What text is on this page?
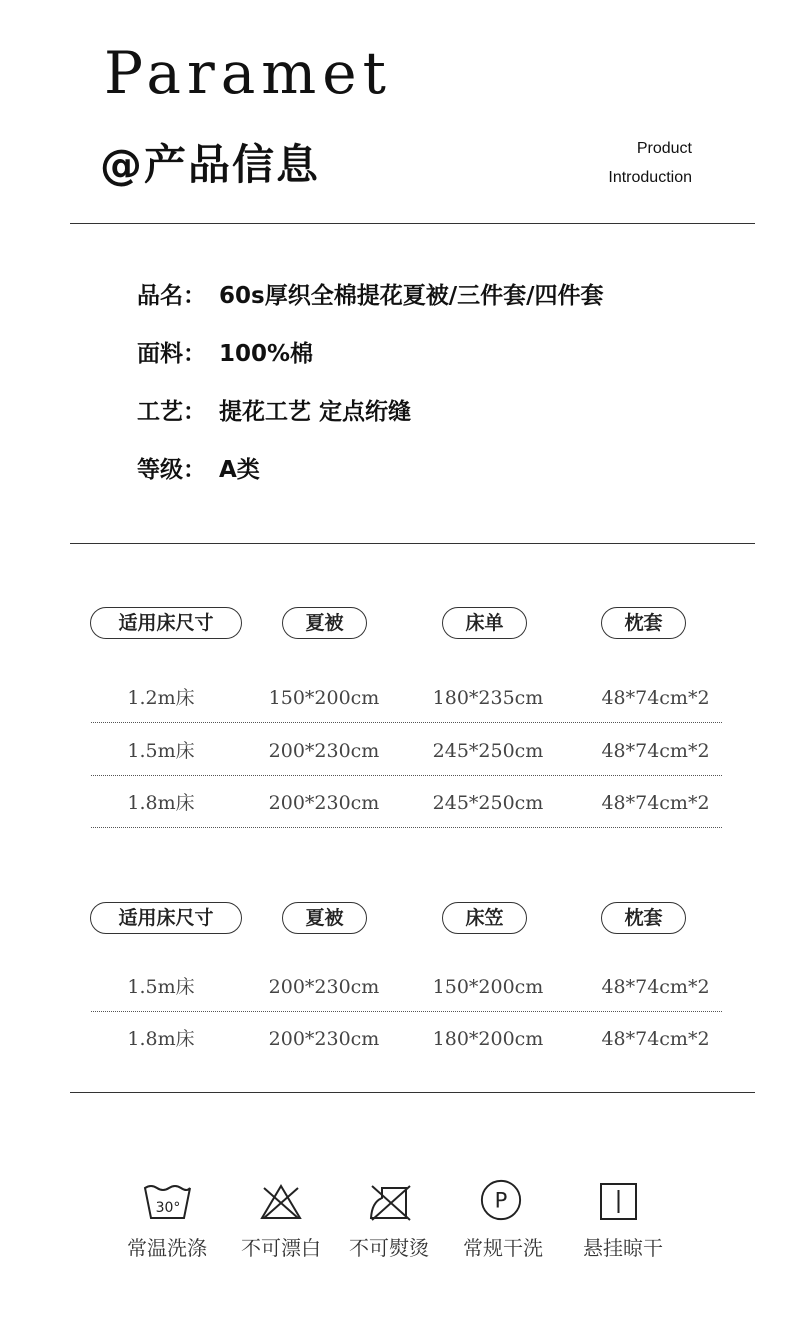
Paramet
@产品信息	Product
Introduction
品名： 60s厚织全棉提花夏被/三件套/四件套
面料： 100%棉
工艺： 提花工艺 定点绗缝
等级： A类
适用床尺寸	夏被	床单	枕套
1.2m床	150*200cm	180*235cm	48*74cm*2
1.5m床	200*230cm	245*250cm	48*74cm*2
1.8m床	200*230cm	245*250cm	48*74cm*2
适用床尺寸	夏被	床笠	枕套
1.5m床	200*230cm	150*200cm	48*74cm*2
1.8m床	200*230cm	180*200cm	48*74cm*2
30°	P
常温洗涤	不可漂白	不可熨烫	常规干洗	悬挂晾干
